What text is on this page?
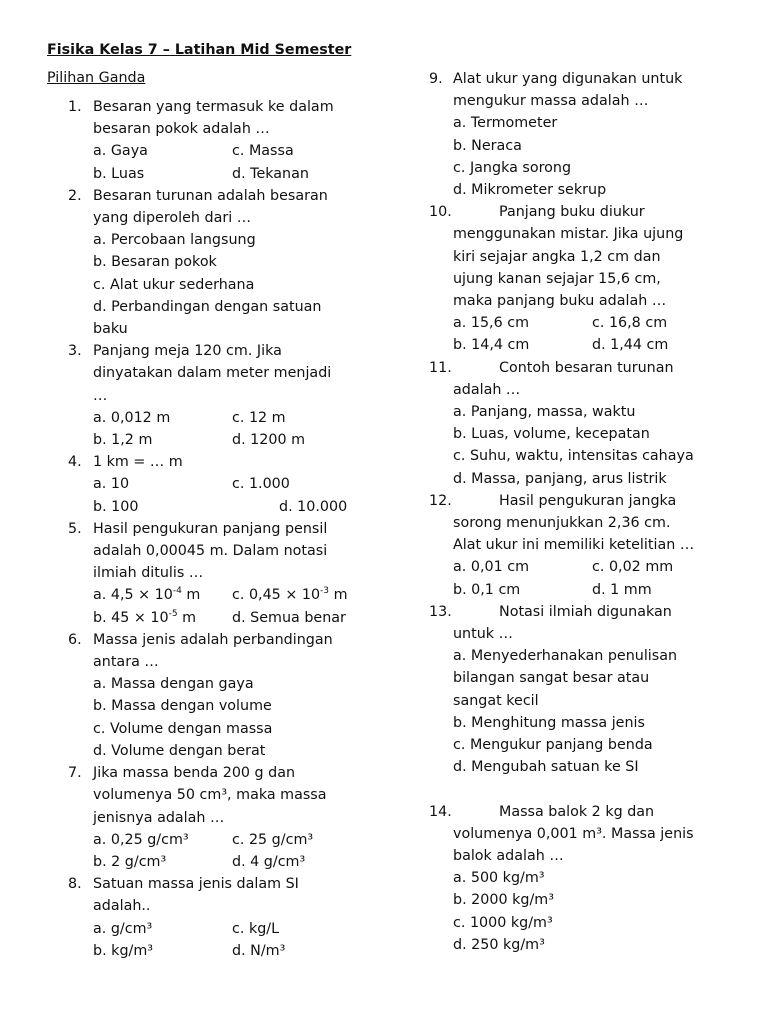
Fisika Kelas 7 – Latihan Mid Semester
Pilihan Ganda
1. Besaran yang termasuk ke dalam
besaran pokok adalah …
a. Gaya	c. Massa
b. Luas	d. Tekanan
2. Besaran turunan adalah besaran
yang diperoleh dari …
a. Percobaan langsung
b. Besaran pokok
c. Alat ukur sederhana
d. Perbandingan dengan satuan
baku
3. Panjang meja 120 cm. Jika
dinyatakan dalam meter menjadi
…
a. 0,012 m	c. 12 m
b. 1,2 m	d. 1200 m
4. 1 km = … m
a. 10	c. 1.000
b. 100	d. 10.000
5. Hasil pengukuran panjang pensil
adalah 0,00045 m. Dalam notasi
ilmiah ditulis …
a. $4,5 \times 10^{-4}$ m	c. $0,45 \times 10^{-3}$ m
b. $45 \times 10^{-5}$ m	d. Semua benar
6. Massa jenis adalah perbandingan
antara …
a. Massa dengan gaya
b. Massa dengan volume
c. Volume dengan massa
d. Volume dengan berat
7. Jika massa benda 200 g dan
volumenya 50 cm³, maka massa
jenisnya adalah …
a. 0,25 g/cm³	c. 25 g/cm³
b. 2 g/cm³	d. 4 g/cm³
8. Satuan massa jenis dalam SI
adalah..
a. g/cm³	c. kg/L
b. kg/m³	d. N/m³
9. Alat ukur yang digunakan untuk
mengukur massa adalah …
a. Termometer
b. Neraca
c. Jangka sorong
d. Mikrometer sekrup
10.	Panjang buku diukur
menggunakan mistar. Jika ujung
kiri sejajar angka 1,2 cm dan
ujung kanan sejajar 15,6 cm,
maka panjang buku adalah …
a. 15,6 cm	c. 16,8 cm
b. 14,4 cm	d. 1,44 cm
11.	Contoh besaran turunan
adalah …
a. Panjang, massa, waktu
b. Luas, volume, kecepatan
c. Suhu, waktu, intensitas cahaya
d. Massa, panjang, arus listrik
12.	Hasil pengukuran jangka
sorong menunjukkan 2,36 cm.
Alat ukur ini memiliki ketelitian …
a. 0,01 cm	c. 0,02 mm
b. 0,1 cm	d. 1 mm
13.	Notasi ilmiah digunakan
untuk …
a. Menyederhanakan penulisan
bilangan sangat besar atau
sangat kecil
b. Menghitung massa jenis
c. Mengukur panjang benda
d. Mengubah satuan ke SI
14.	Massa balok 2 kg dan
volumenya 0,001 m³. Massa jenis
balok adalah …
a. 500 kg/m³
b. 2000 kg/m³
c. 1000 kg/m³
d. 250 kg/m³
